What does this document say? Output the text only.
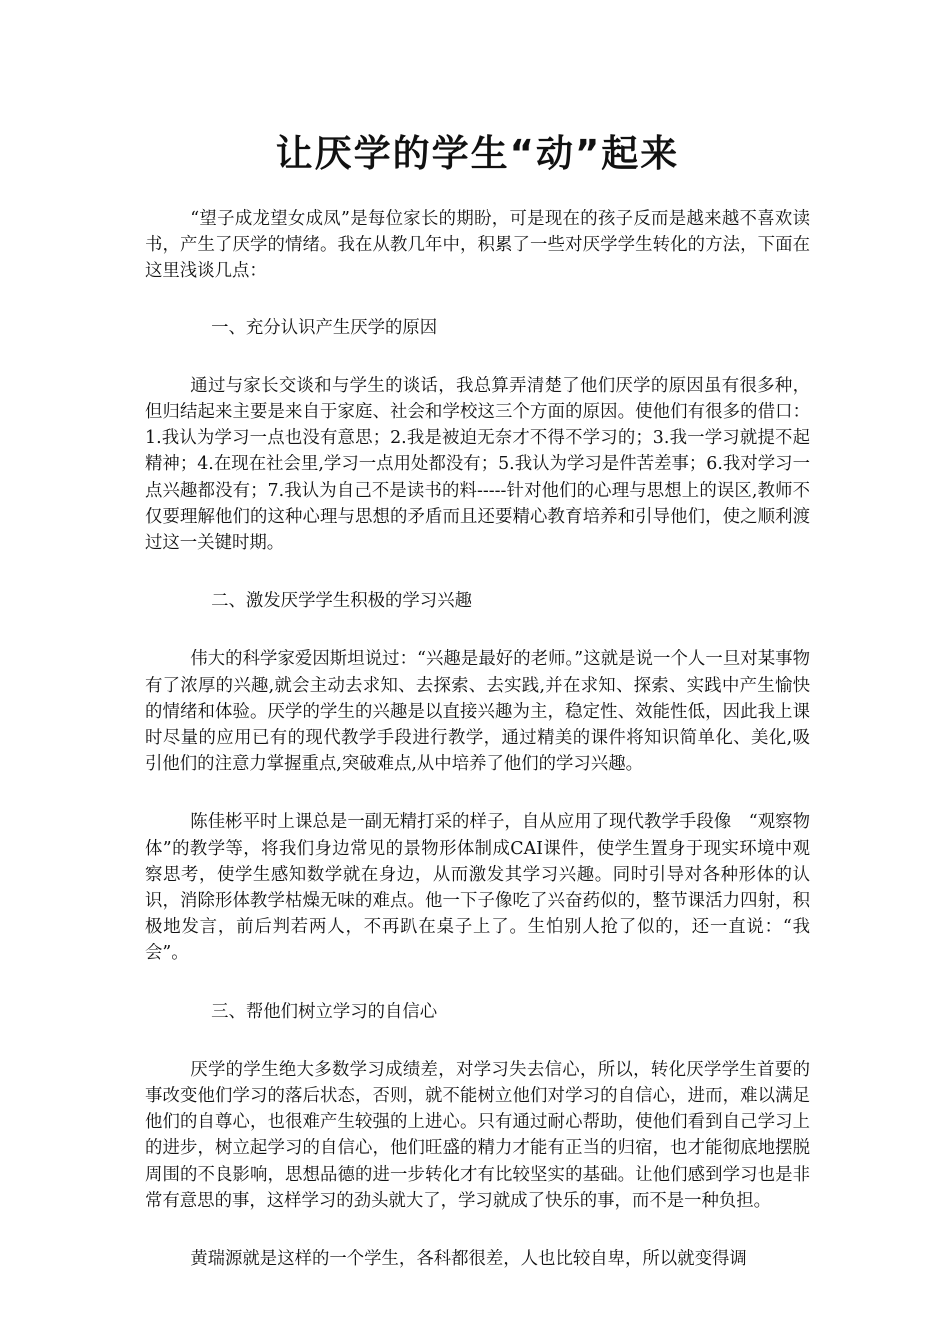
让厌学的学生“动”起来

“望子成龙望女成凤”是每位家长的期盼，可是现在的孩子反而是越来越不喜欢读书，产生了厌学的情绪。我在从教几年中，积累了一些对厌学学生转化的方法，下面在这里浅谈几点：

一、充分认识产生厌学的原因

通过与家长交谈和与学生的谈话，我总算弄清楚了他们厌学的原因虽有很多种，但归结起来主要是来自于家庭、社会和学校这三个方面的原因。使他们有很多的借口：1.我认为学习一点也没有意思；2.我是被迫无奈才不得不学习的；3.我一学习就提不起精神；4.在现在社会里,学习一点用处都没有；5.我认为学习是件苦差事；6.我对学习一点兴趣都没有；7.我认为自己不是读书的料-----针对他们的心理与思想上的误区,教师不仅要理解他们的这种心理与思想的矛盾而且还要精心教育培养和引导他们，使之顺利渡过这一关键时期。

二、激发厌学学生积极的学习兴趣

伟大的科学家爱因斯坦说过：“兴趣是最好的老师。”这就是说一个人一旦对某事物有了浓厚的兴趣,就会主动去求知、去探索、去实践,并在求知、探索、实践中产生愉快的情绪和体验。厌学的学生的兴趣是以直接兴趣为主，稳定性、效能性低，因此我上课时尽量的应用已有的现代教学手段进行教学，通过精美的课件将知识简单化、美化,吸引他们的注意力掌握重点,突破难点,从中培养了他们的学习兴趣。

陈佳彬平时上课总是一副无精打采的样子，自从应用了现代教学手段像　“观察物体”的教学等，将我们身边常见的景物形体制成CAI课件，使学生置身于现实环境中观察思考，使学生感知数学就在身边，从而激发其学习兴趣。同时引导对各种形体的认识，消除形体教学枯燥无味的难点。他一下子像吃了兴奋药似的，整节课活力四射，积极地发言，前后判若两人，不再趴在桌子上了。生怕别人抢了似的，还一直说：“我会”。

三、帮他们树立学习的自信心

厌学的学生绝大多数学习成绩差，对学习失去信心，所以，转化厌学学生首要的事改变他们学习的落后状态，否则，就不能树立他们对学习的自信心，进而，难以满足他们的自尊心，也很难产生较强的上进心。只有通过耐心帮助，使他们看到自己学习上的进步，树立起学习的自信心，他们旺盛的精力才能有正当的归宿，也才能彻底地摆脱周围的不良影响，思想品德的进一步转化才有比较坚实的基础。让他们感到学习也是非常有意思的事，这样学习的劲头就大了，学习就成了快乐的事，而不是一种负担。

黄瑞源就是这样的一个学生，各科都很差，人也比较自卑，所以就变得调
